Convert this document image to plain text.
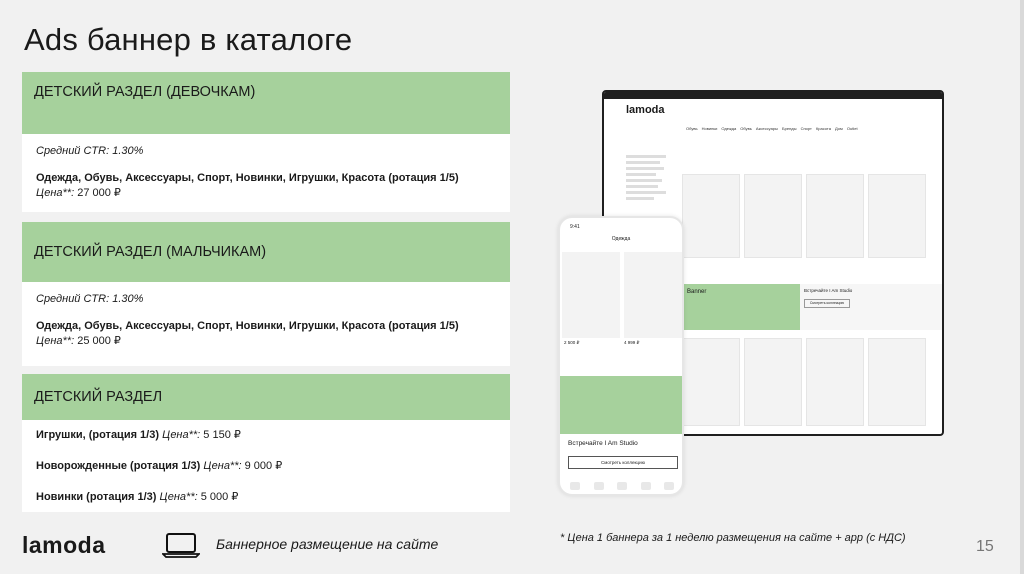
Ads баннер в каталоге
ДЕТСКИЙ РАЗДЕЛ (ДЕВОЧКАМ)
Средний CTR: 1.30%
Одежда, Обувь, Аксессуары, Спорт, Новинки, Игрушки, Красота (ротация 1/5)
Цена**: 27 000 ₽
ДЕТСКИЙ РАЗДЕЛ (МАЛЬЧИКАМ)
Средний CTR: 1.30%
Одежда, Обувь, Аксессуары, Спорт, Новинки, Игрушки, Красота (ротация 1/5)
Цена**: 25 000 ₽
ДЕТСКИЙ РАЗДЕЛ
Игрушки, (ротация 1/3) Цена**: 5 150 ₽
Новорожденные (ротация 1/3) Цена**: 9 000 ₽
Новинки (ротация 1/3) Цена**: 5 000 ₽
lamoda
Обувь Новинки Одежда Обувь Аксессуары Бренды Спорт Красота Дом Outlet
Banner	Встречайте I Am Studio
Смотреть коллекцию
9:41
Одежда
2 500 ₽	4 999 ₽
Встречайте I Am Studio
Смотреть коллекцию
lamoda	Баннерное размещение на сайте	* Цена 1 баннера за 1 неделю размещения на сайте + app (с НДС)	15
